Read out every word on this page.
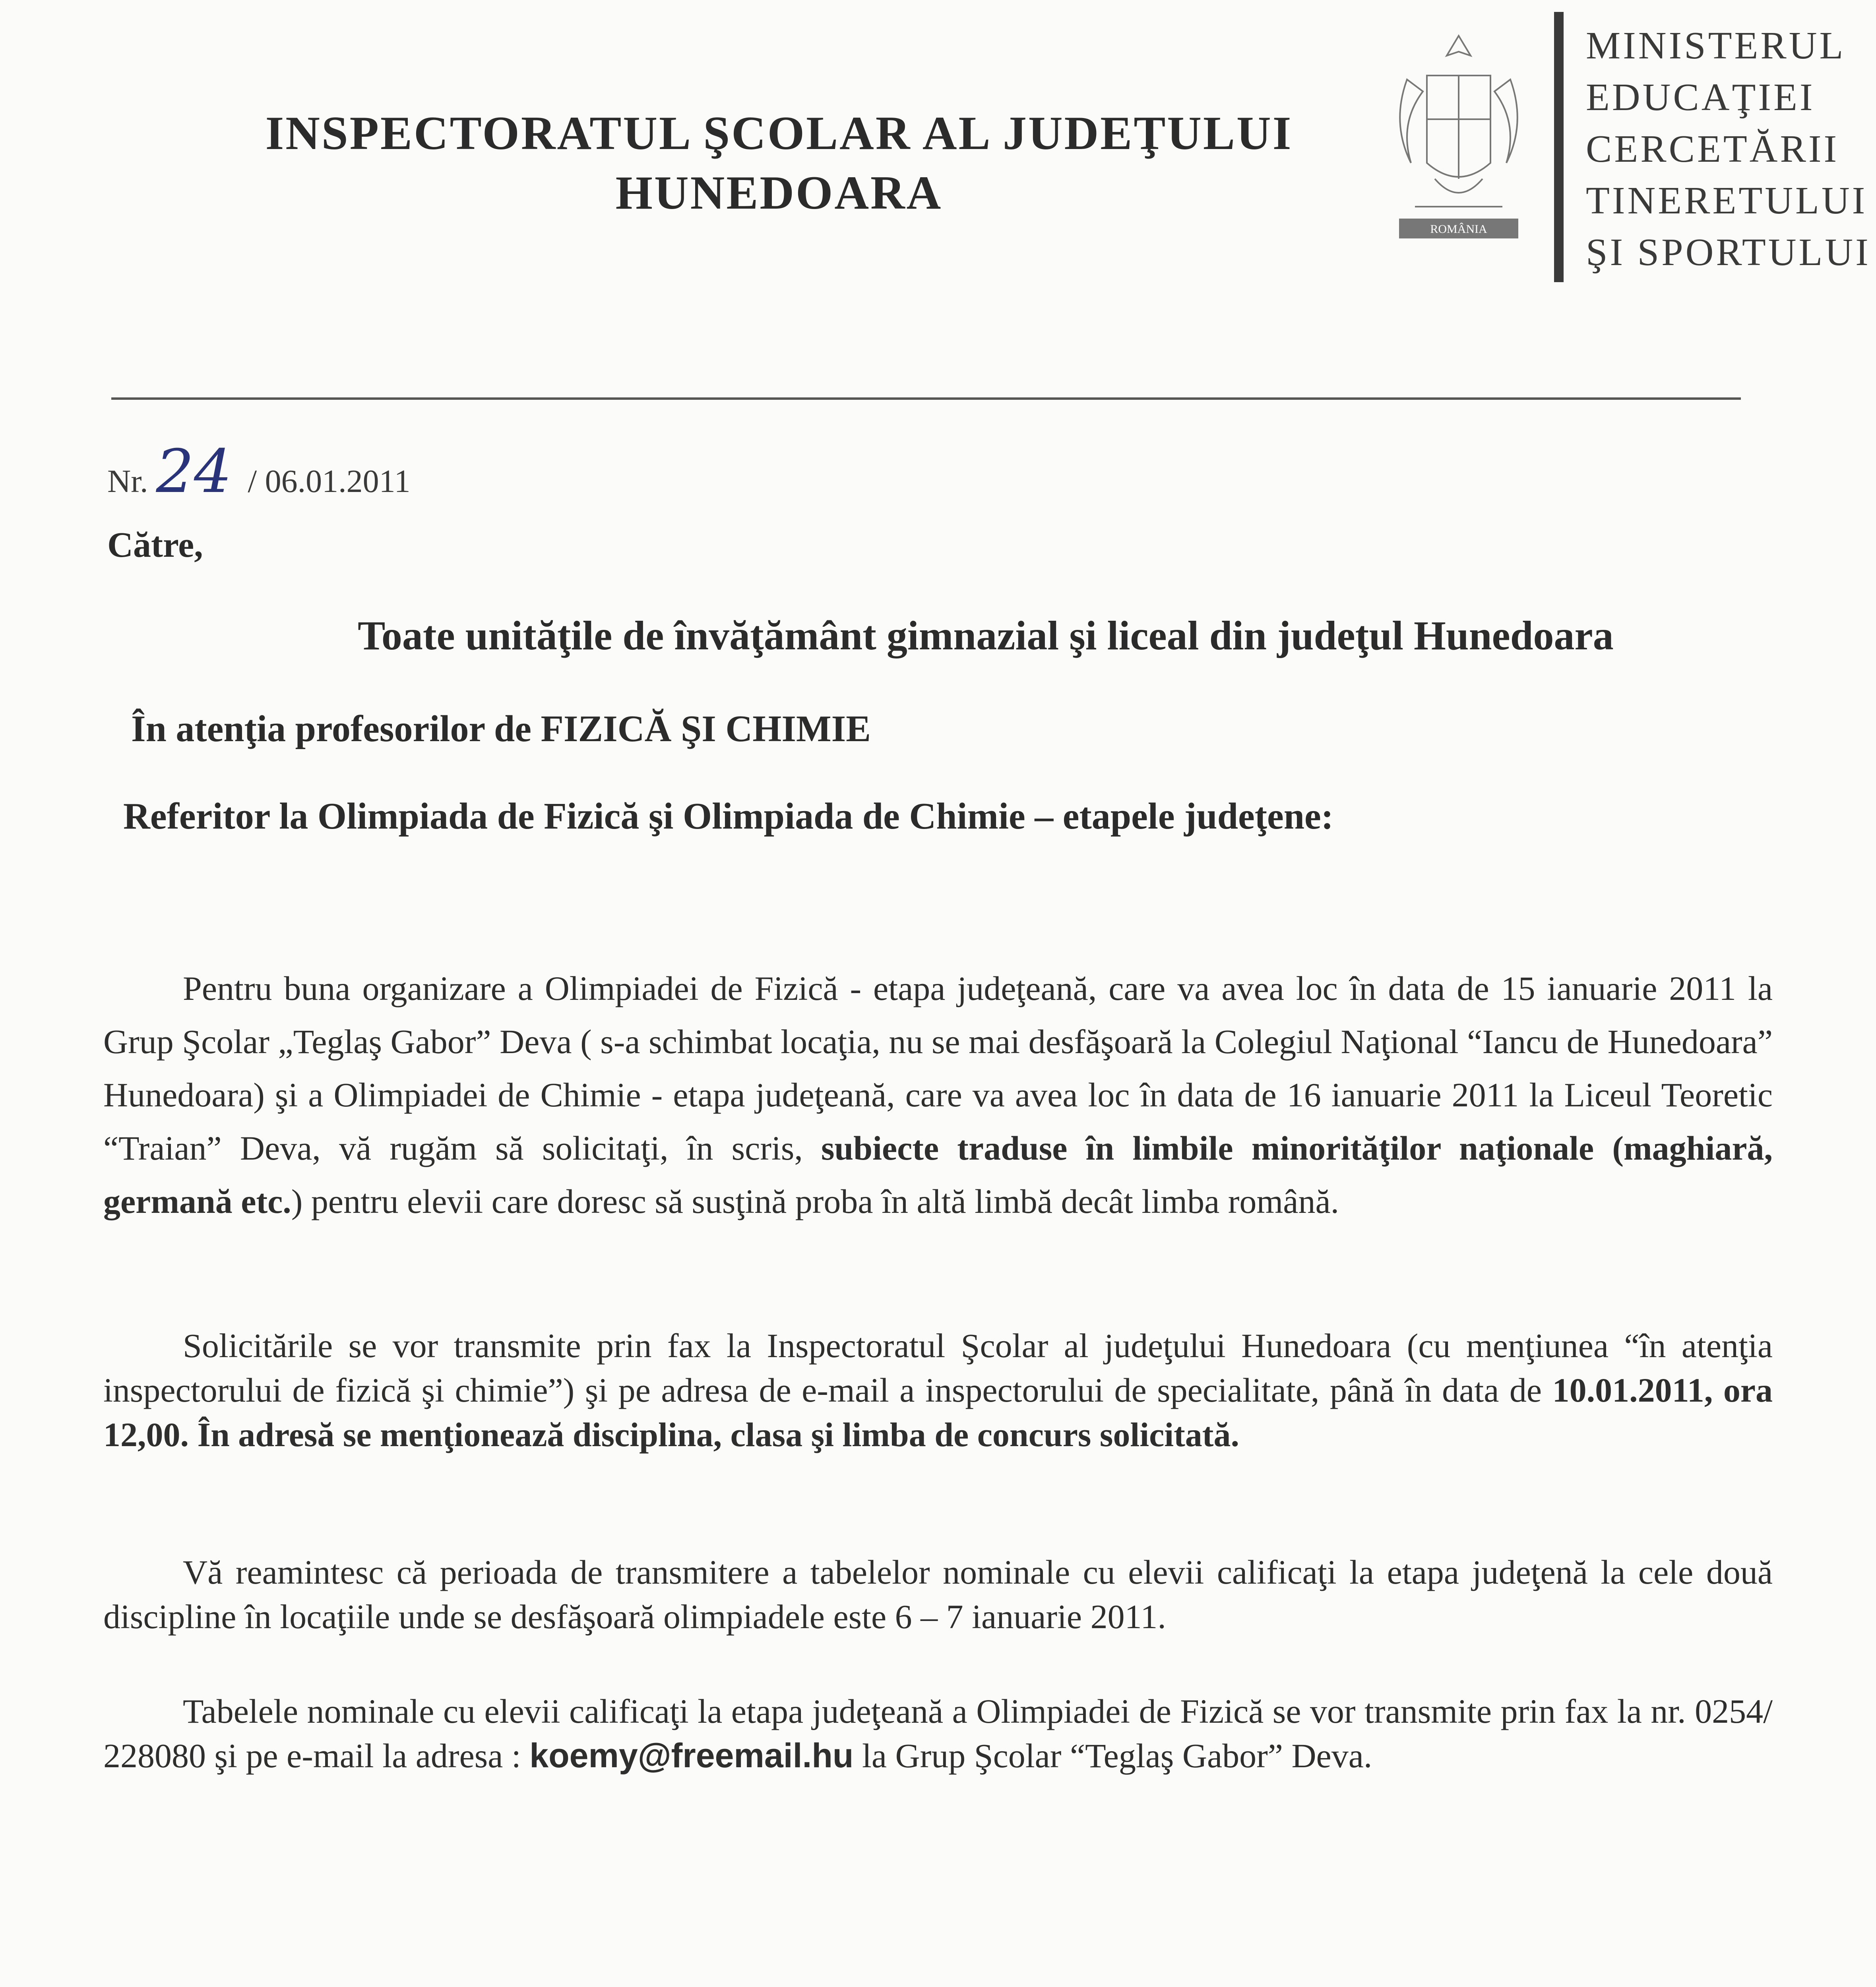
INSPECTORATUL ŞCOLAR AL JUDEŢULUI
HUNEDOARA
ROMÂNIA
MINISTERUL
EDUCAŢIEI
CERCETĂRII
TINERETULUI
ŞI SPORTULUI
Nr. 24 / 06.01.2011
Către,
Toate unităţile de învăţământ gimnazial şi liceal din judeţul Hunedoara
În atenţia profesorilor de FIZICĂ ŞI CHIMIE
Referitor la Olimpiada de Fizică şi Olimpiada de Chimie – etapele judeţene:

Pentru buna organizare a Olimpiadei de Fizică - etapa judeţeană, care va avea loc în data de 15 ianuarie 2011 la Grup Şcolar „Teglaş Gabor” Deva ( s-a schimbat locaţia, nu se mai desfăşoară la Colegiul Naţional “Iancu de Hunedoara” Hunedoara) şi a Olimpiadei de Chimie - etapa judeţeană, care va avea loc în data de 16 ianuarie 2011 la Liceul Teoretic “Traian” Deva, vă rugăm să solicitaţi, în scris, subiecte traduse în limbile minorităţilor naţionale (maghiară, germană etc.) pentru elevii care doresc să susţină proba în altă limbă decât limba română.

Solicitările se vor transmite prin fax la Inspectoratul Şcolar al judeţului Hunedoara (cu menţiunea “în atenţia inspectorului de fizică şi chimie”) şi pe adresa de e-mail a inspectorului de specialitate, până în data de 10.01.2011, ora 12,00. În adresă se menţionează disciplina, clasa şi limba de concurs solicitată.

Vă reamintesc că perioada de transmitere a tabelelor nominale cu elevii calificaţi la etapa judeţenă la cele două discipline în locaţiile unde se desfăşoară olimpiadele este 6 – 7 ianuarie 2011.

Tabelele nominale cu elevii calificaţi la etapa judeţeană a Olimpiadei de Fizică se vor transmite prin fax la nr. 0254/ 228080 şi pe e-mail la adresa : koemy@freemail.hu la Grup Şcolar “Teglaş Gabor” Deva.
